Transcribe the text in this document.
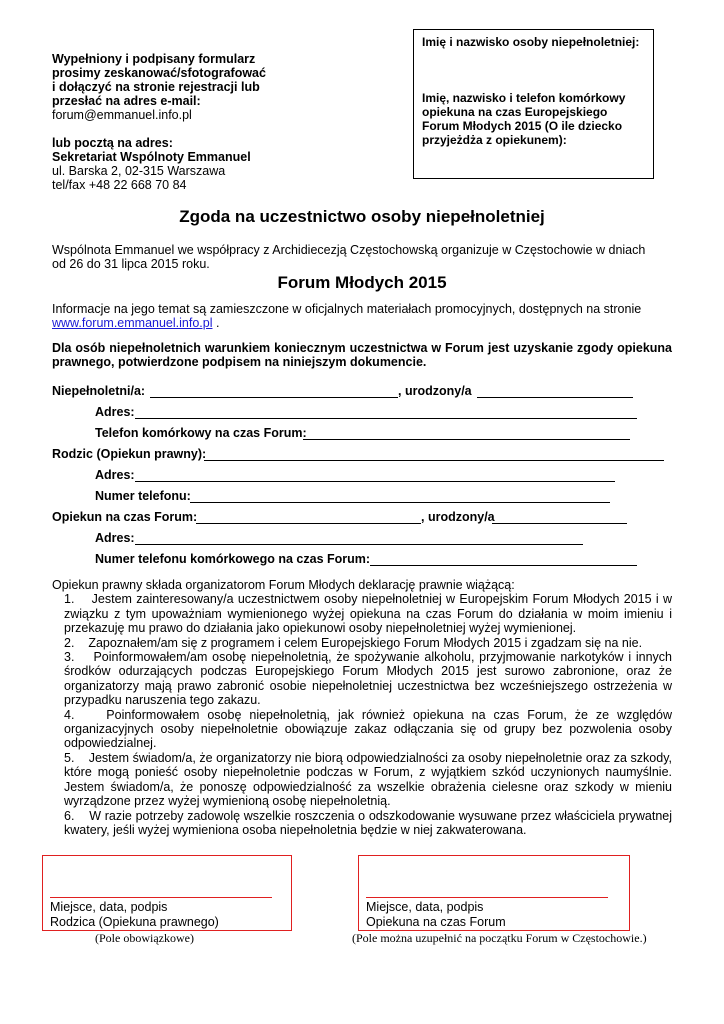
Wypełniony i podpisany formularz
prosimy zeskanować/sfotografować
i dołączyć na stronie rejestracji lub
przesłać na adres e-mail:
forum@emmanuel.info.pl
lub pocztą na adres:
Sekretariat Wspólnoty Emmanuel
ul. Barska 2, 02-315 Warszawa
tel/fax +48 22 668 70 84
Imię i nazwisko osoby niepełnoletniej:
Imię, nazwisko i telefon komórkowy
opiekuna na czas Europejskiego
Forum Młodych 2015 (O ile dziecko
przyjeżdża z opiekunem):
Zgoda na uczestnictwo osoby niepełnoletniej
Wspólnota Emmanuel we współpracy z Archidiecezją Częstochowską organizuje w Częstochowie w dniach
od 26 do 31 lipca 2015 roku.
Forum Młodych 2015
Informacje na jego temat są zamieszczone w oficjalnych materiałach promocyjnych, dostępnych na stronie
www.forum.emmanuel.info.pl .
Dla osób niepełnoletnich warunkiem koniecznym uczestnictwa w Forum jest uzyskanie zgody opiekuna prawnego, potwierdzone podpisem na niniejszym dokumencie.
Niepełnoletni/a:	, urodzony/a
Adres:
Telefon komórkowy na czas Forum:
Rodzic (Opiekun prawny):
Adres:
Numer telefonu:
Opiekun na czas Forum:	, urodzony/a
Adres:
Numer telefonu komórkowego na czas Forum:

Opiekun prawny składa organizatorom Forum Młodych deklarację prawnie wiążącą:

1.    Jestem zainteresowany/a uczestnictwem osoby niepełnoletniej w Europejskim Forum Młodych 2015 i w związku z tym upoważniam wymienionego wyżej opiekuna na czas Forum do działania w moim imieniu i przekazuję mu prawo do działania jako opiekunowi osoby niepełnoletniej wyżej wymienionej.

2.    Zapoznałem/am się z programem i celem Europejskiego Forum Młodych 2015 i zgadzam się na nie.

3.    Poinformowałem/am osobę niepełnoletnią, że spożywanie alkoholu, przyjmowanie narkotyków i innych środków odurzających podczas Europejskiego Forum Młodych 2015 jest surowo zabronione, oraz że organizatorzy mają prawo zabronić osobie niepełnoletniej uczestnictwa bez wcześniejszego ostrzeżenia w przypadku naruszenia tego zakazu.

4.    Poinformowałem osobę niepełnoletnią, jak również opiekuna na czas Forum, że ze względów organizacyjnych osoby niepełnoletnie obowiązuje zakaz odłączania się od grupy bez pozwolenia osoby odpowiedzialnej.

5.    Jestem świadom/a, że organizatorzy nie biorą odpowiedzialności za osoby niepełnoletnie oraz za szkody, które mogą ponieść osoby niepełnoletnie podczas w Forum, z wyjątkiem szkód uczynionych naumyślnie. Jestem świadom/a, że ponoszę odpowiedzialność za wszelkie obrażenia cielesne oraz szkody w mieniu wyrządzone przez wyżej wymienioną osobę niepełnoletnią.

6.    W razie potrzeby zadowolę wszelkie roszczenia o odszkodowanie wysuwane przez właściciela prywatnej kwatery, jeśli wyżej wymieniona osoba niepełnoletnia będzie w niej zakwaterowana.

Miejsce, data, podpis
Rodzica (Opiekuna prawnego)
(Pole obowiązkowe)
Miejsce, data, podpis
Opiekuna na czas Forum
(Pole można uzupełnić na początku Forum w Częstochowie.)
